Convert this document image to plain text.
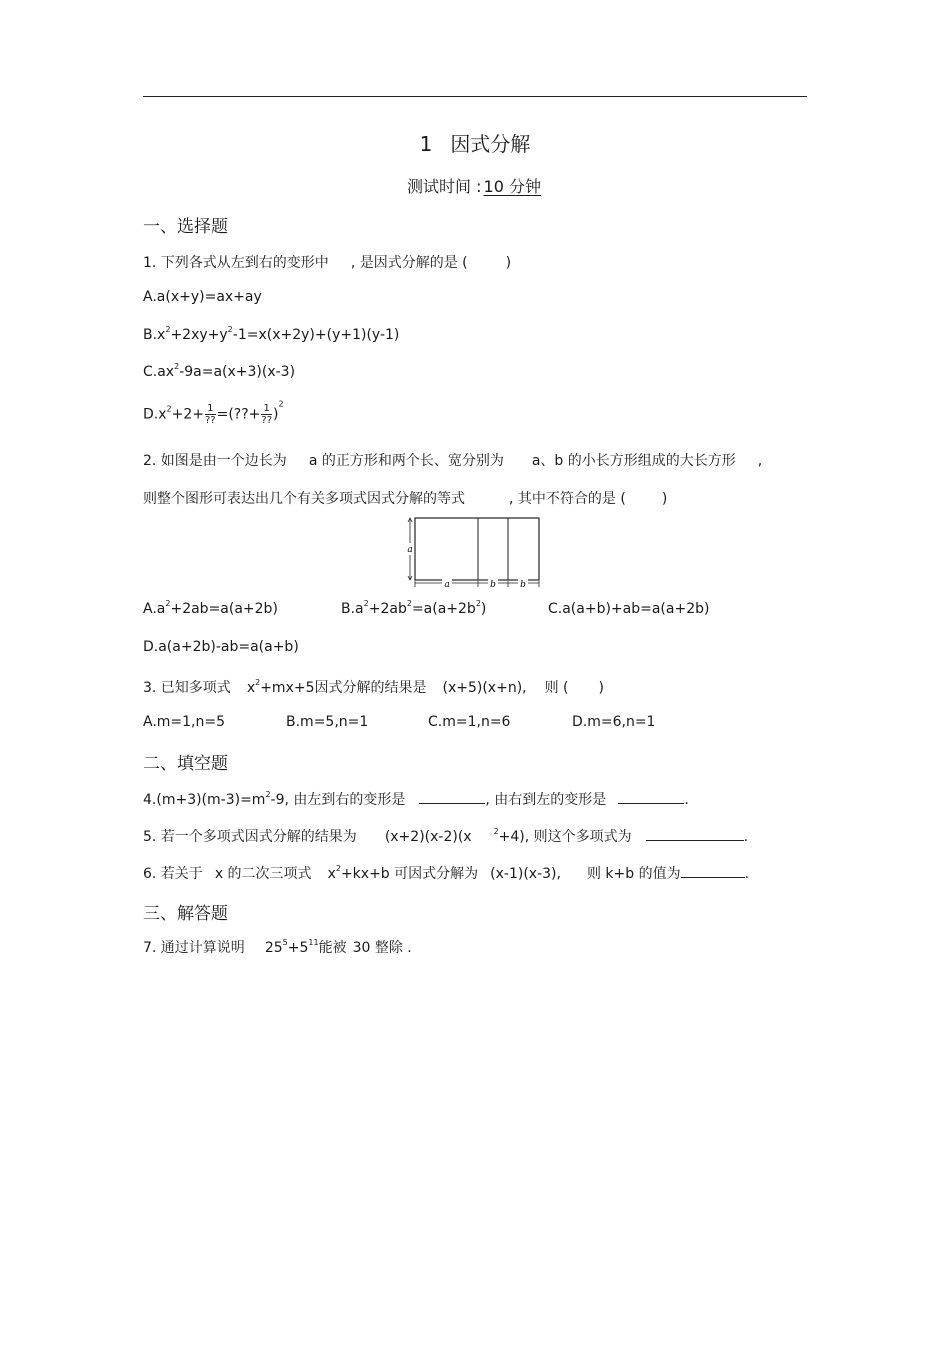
1 因式分解
测试时间 : 10 分钟
一、选择题
1. 下列各式从左到右的变形中 , 是因式分解的是 (	)
A.a(x+y)=ax+ay
$B.x^2+2xy+y^2-1=x(x+2y)+(y+1)(y-1)$
$C.ax^2-9a=a(x+3)(x-3)$
$D.x^2+2+ \frac{1}{??}$ =(??+ $\frac{1}{??} )^2$
2. 如图是由一个边长为 a 的正方形和两个长、宽分别为 a、b 的小长方形组成的大长方形 ,
则整个图形可表达出几个有关多项式因式分解的等式	, 其中不符合的是 (	)
a
a	b	b
$A.a^2+2ab=a(a+2b)$	$B.a^2+2ab^2=a(a+2b^2)$	C.a(a+b)+ab=a(a+2b)
D.a(a+2b)-ab=a(a+b)
3. 已知多项式 $x^2+mx+5$因式分解的结果是 (x+5)(x+n), 则 ( )
A.m=1,n=5	B.m=5,n=1	C.m=1,n=6	D.m=6,n=1
二、填空题
$4.(m+3)(m-3)=m^2-9$, 由左到右的变形是	, 由右到左的变形是	.
5. 若一个多项式因式分解的结果为 (x+2)(x-2)(x	$^2$+4), 则这个多项式为	.
6. 若关于 x 的二次三项式 $x^2+kx+b$ 可因式分解为 (x-1)(x-3), 则 k+b 的值为	.
三、解答题
7. 通过计算说明 $25^5+5^{11}$能被 30 整除 .
